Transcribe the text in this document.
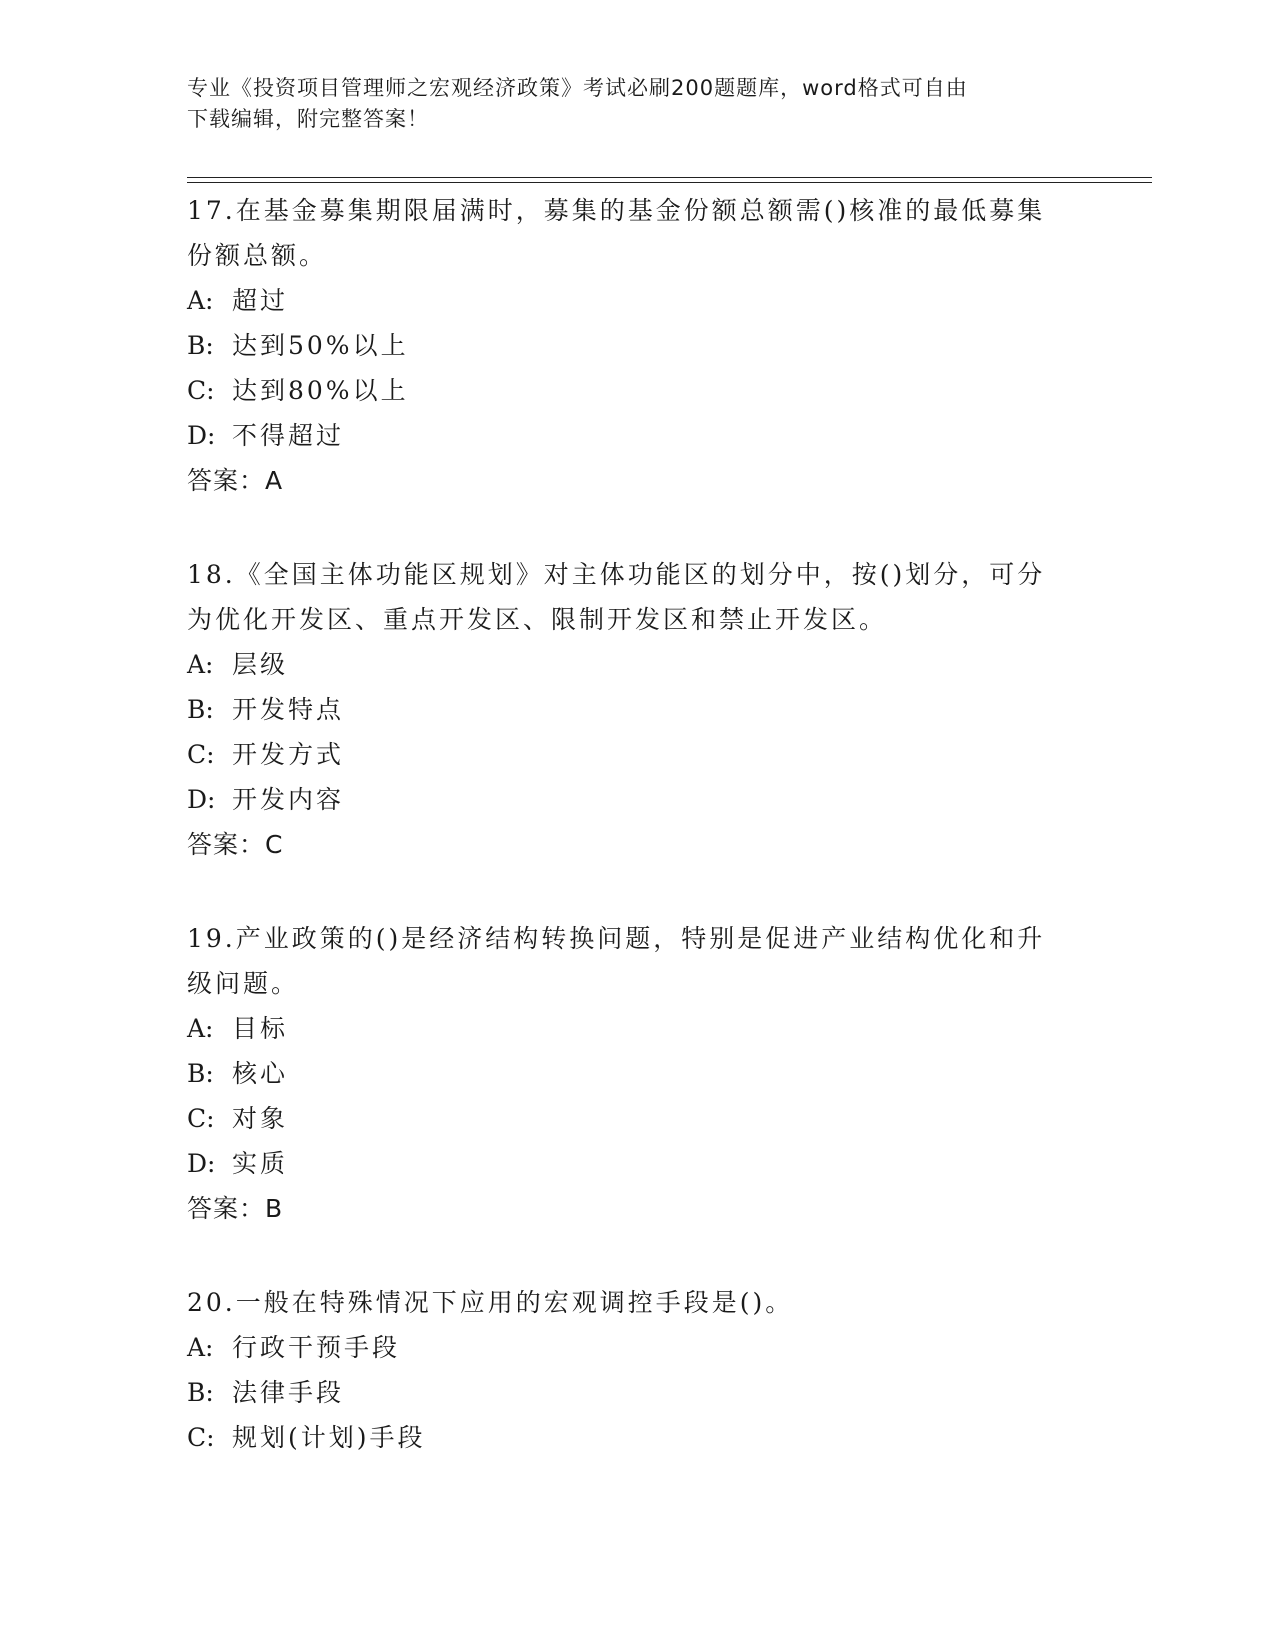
专业《投资项目管理师之宏观经济政策》考试必刷200题题库，word格式可自由
下载编辑，附完整答案！

17.在基金募集期限届满时，募集的基金份额总额需()核准的最低募集份额总额。

A: 超过

B: 达到50%以上

C: 达到80%以上

D: 不得超过

答案：A

18.《全国主体功能区规划》对主体功能区的划分中，按()划分，可分为优化开发区、重点开发区、限制开发区和禁止开发区。

A: 层级

B: 开发特点

C: 开发方式

D: 开发内容

答案：C

19.产业政策的()是经济结构转换问题，特别是促进产业结构优化和升级问题。

A: 目标

B: 核心

C: 对象

D: 实质

答案：B

20.一般在特殊情况下应用的宏观调控手段是()。

A: 行政干预手段

B: 法律手段

C: 规划(计划)手段
